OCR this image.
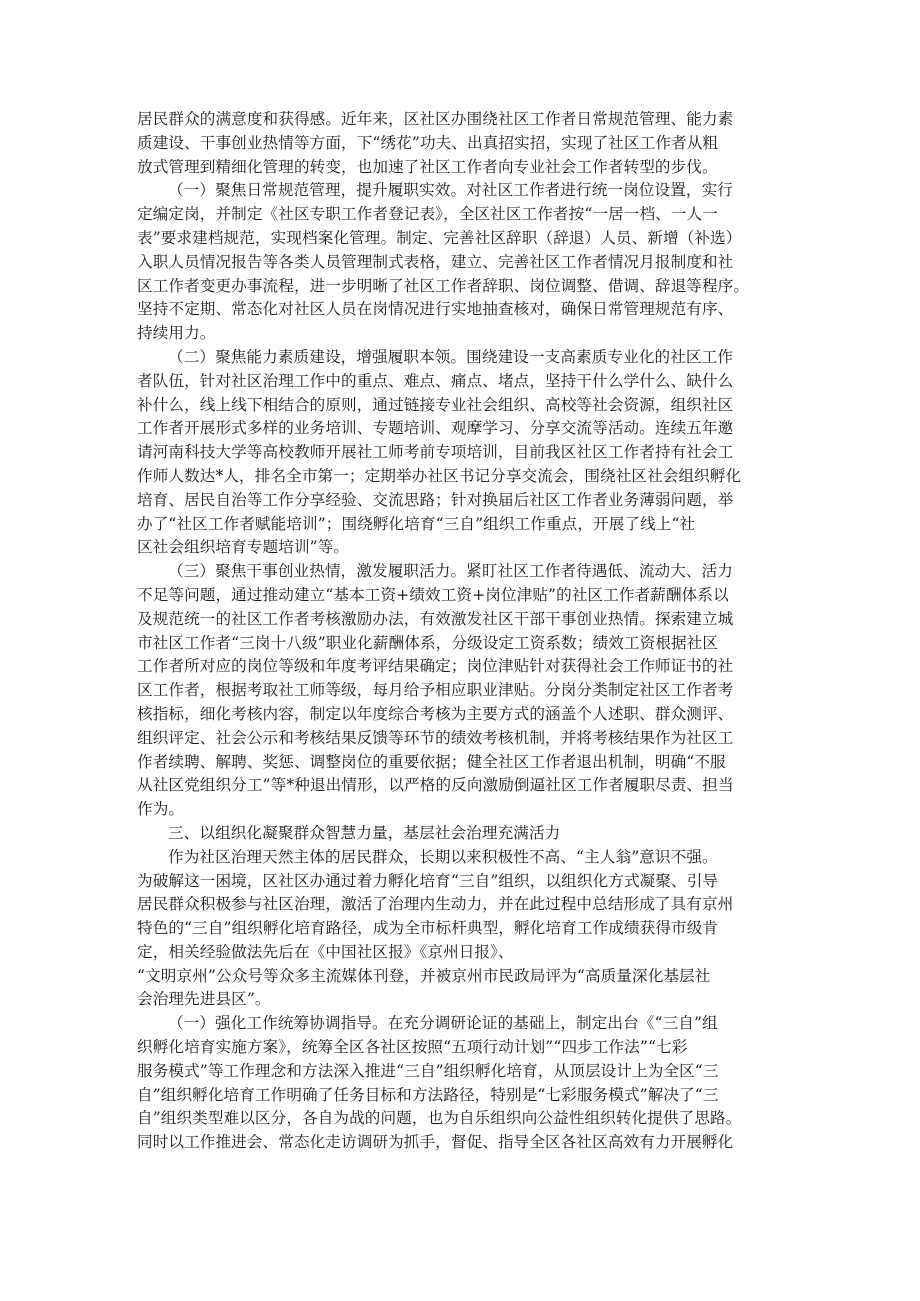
居民群众的满意度和获得感。近年来，区社区办围绕社区工作者日常规范管理、能力素
质建设、干事创业热情等方面，下“绣花”功夫、出真招实招，实现了社区工作者从粗
放式管理到精细化管理的转变，也加速了社区工作者向专业社会工作者转型的步伐。
（一）聚焦日常规范管理，提升履职实效。对社区工作者进行统一岗位设置，实行
定编定岗，并制定《社区专职工作者登记表》，全区社区工作者按“一居一档、一人一
表”要求建档规范，实现档案化管理。制定、完善社区辞职（辞退）人员、新增（补选）
入职人员情况报告等各类人员管理制式表格，建立、完善社区工作者情况月报制度和社
区工作者变更办事流程，进一步明晰了社区工作者辞职、岗位调整、借调、辞退等程序。
坚持不定期、常态化对社区人员在岗情况进行实地抽查核对，确保日常管理规范有序、
持续用力。
（二）聚焦能力素质建设，增强履职本领。围绕建设一支高素质专业化的社区工作
者队伍，针对社区治理工作中的重点、难点、痛点、堵点，坚持干什么学什么、缺什么
补什么，线上线下相结合的原则，通过链接专业社会组织、高校等社会资源，组织社区
工作者开展形式多样的业务培训、专题培训、观摩学习、分享交流等活动。连续五年邀
请河南科技大学等高校教师开展社工师考前专项培训，目前我区社区工作者持有社会工
作师人数达*人，排名全市第一；定期举办社区书记分享交流会，围绕社区社会组织孵化
培育、居民自治等工作分享经验、交流思路；针对换届后社区工作者业务薄弱问题，举
办了“社区工作者赋能培训”；围绕孵化培育“三自”组织工作重点，开展了线上“社
区社会组织培育专题培训”等。
（三）聚焦干事创业热情，激发履职活力。紧盯社区工作者待遇低、流动大、活力
不足等问题，通过推动建立“基本工资+绩效工资+岗位津贴”的社区工作者薪酬体系以
及规范统一的社区工作者考核激励办法，有效激发社区干部干事创业热情。探索建立城
市社区工作者“三岗十八级”职业化薪酬体系，分级设定工资系数；绩效工资根据社区
工作者所对应的岗位等级和年度考评结果确定；岗位津贴针对获得社会工作师证书的社
区工作者，根据考取社工师等级，每月给予相应职业津贴。分岗分类制定社区工作者考
核指标，细化考核内容，制定以年度综合考核为主要方式的涵盖个人述职、群众测评、
组织评定、社会公示和考核结果反馈等环节的绩效考核机制，并将考核结果作为社区工
作者续聘、解聘、奖惩、调整岗位的重要依据；健全社区工作者退出机制，明确“不服
从社区党组织分工”等*种退出情形，以严格的反向激励倒逼社区工作者履职尽责、担当
作为。
三、以组织化凝聚群众智慧力量，基层社会治理充满活力
作为社区治理天然主体的居民群众，长期以来积极性不高、“主人翁”意识不强。
为破解这一困境，区社区办通过着力孵化培育“三自”组织，以组织化方式凝聚、引导
居民群众积极参与社区治理，激活了治理内生动力，并在此过程中总结形成了具有京州
特色的“三自”组织孵化培育路径，成为全市标杆典型，孵化培育工作成绩获得市级肯
定，相关经验做法先后在《中国社区报》《京州日报》、
“文明京州”公众号等众多主流媒体刊登，并被京州市民政局评为“高质量深化基层社
会治理先进县区”。
（一）强化工作统筹协调指导。在充分调研论证的基础上，制定出台《“三自”组
织孵化培育实施方案》，统筹全区各社区按照“五项行动计划”“四步工作法”“七彩
服务模式”等工作理念和方法深入推进“三自”组织孵化培育，从顶层设计上为全区“三
自”组织孵化培育工作明确了任务目标和方法路径，特别是“七彩服务模式”解决了“三
自”组织类型难以区分，各自为战的问题，也为自乐组织向公益性组织转化提供了思路。
同时以工作推进会、常态化走访调研为抓手，督促、指导全区各社区高效有力开展孵化
